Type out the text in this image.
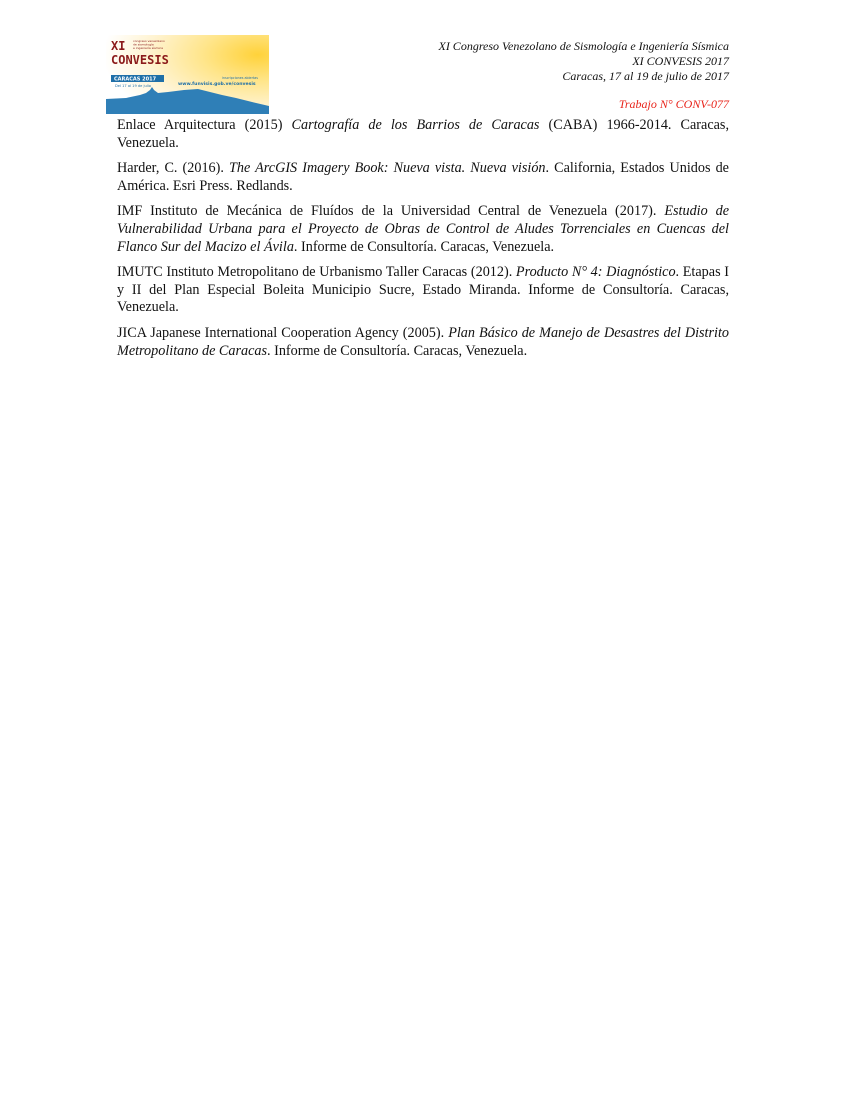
XI
CONVESIS
congreso venezolano
de sismología
e ingeniería sísmica
CARACAS 2017
Del 17 al 19 de julio
inscripciones abiertas
www.funvisis.gob.ve/convesis
XI Congreso Venezolano de Sismología e Ingeniería Sísmica
XI CONVESIS 2017
Caracas, 17 al 19 de julio de 2017
Trabajo N° CONV-077

Enlace Arquitectura (2015) Cartografía de los Barrios de Caracas (CABA) 1966-2014. Caracas, Venezuela.

Harder, C. (2016). The ArcGIS Imagery Book: Nueva vista. Nueva visión. California, Estados Unidos de América. Esri Press. Redlands.

IMF Instituto de Mecánica de Fluídos de la Universidad Central de Venezuela (2017). Estudio de Vulnerabilidad Urbana para el Proyecto de Obras de Control de Aludes Torrenciales en Cuencas del Flanco Sur del Macizo el Ávila. Informe de Consultoría. Caracas, Venezuela.

IMUTC Instituto Metropolitano de Urbanismo Taller Caracas (2012). Producto N° 4: Diagnóstico. Etapas I y II del Plan Especial Boleita Municipio Sucre, Estado Miranda. Informe de Consultoría. Caracas, Venezuela.

JICA Japanese International Cooperation Agency (2005). Plan Básico de Manejo de Desastres del Distrito Metropolitano de Caracas. Informe de Consultoría. Caracas, Venezuela.
